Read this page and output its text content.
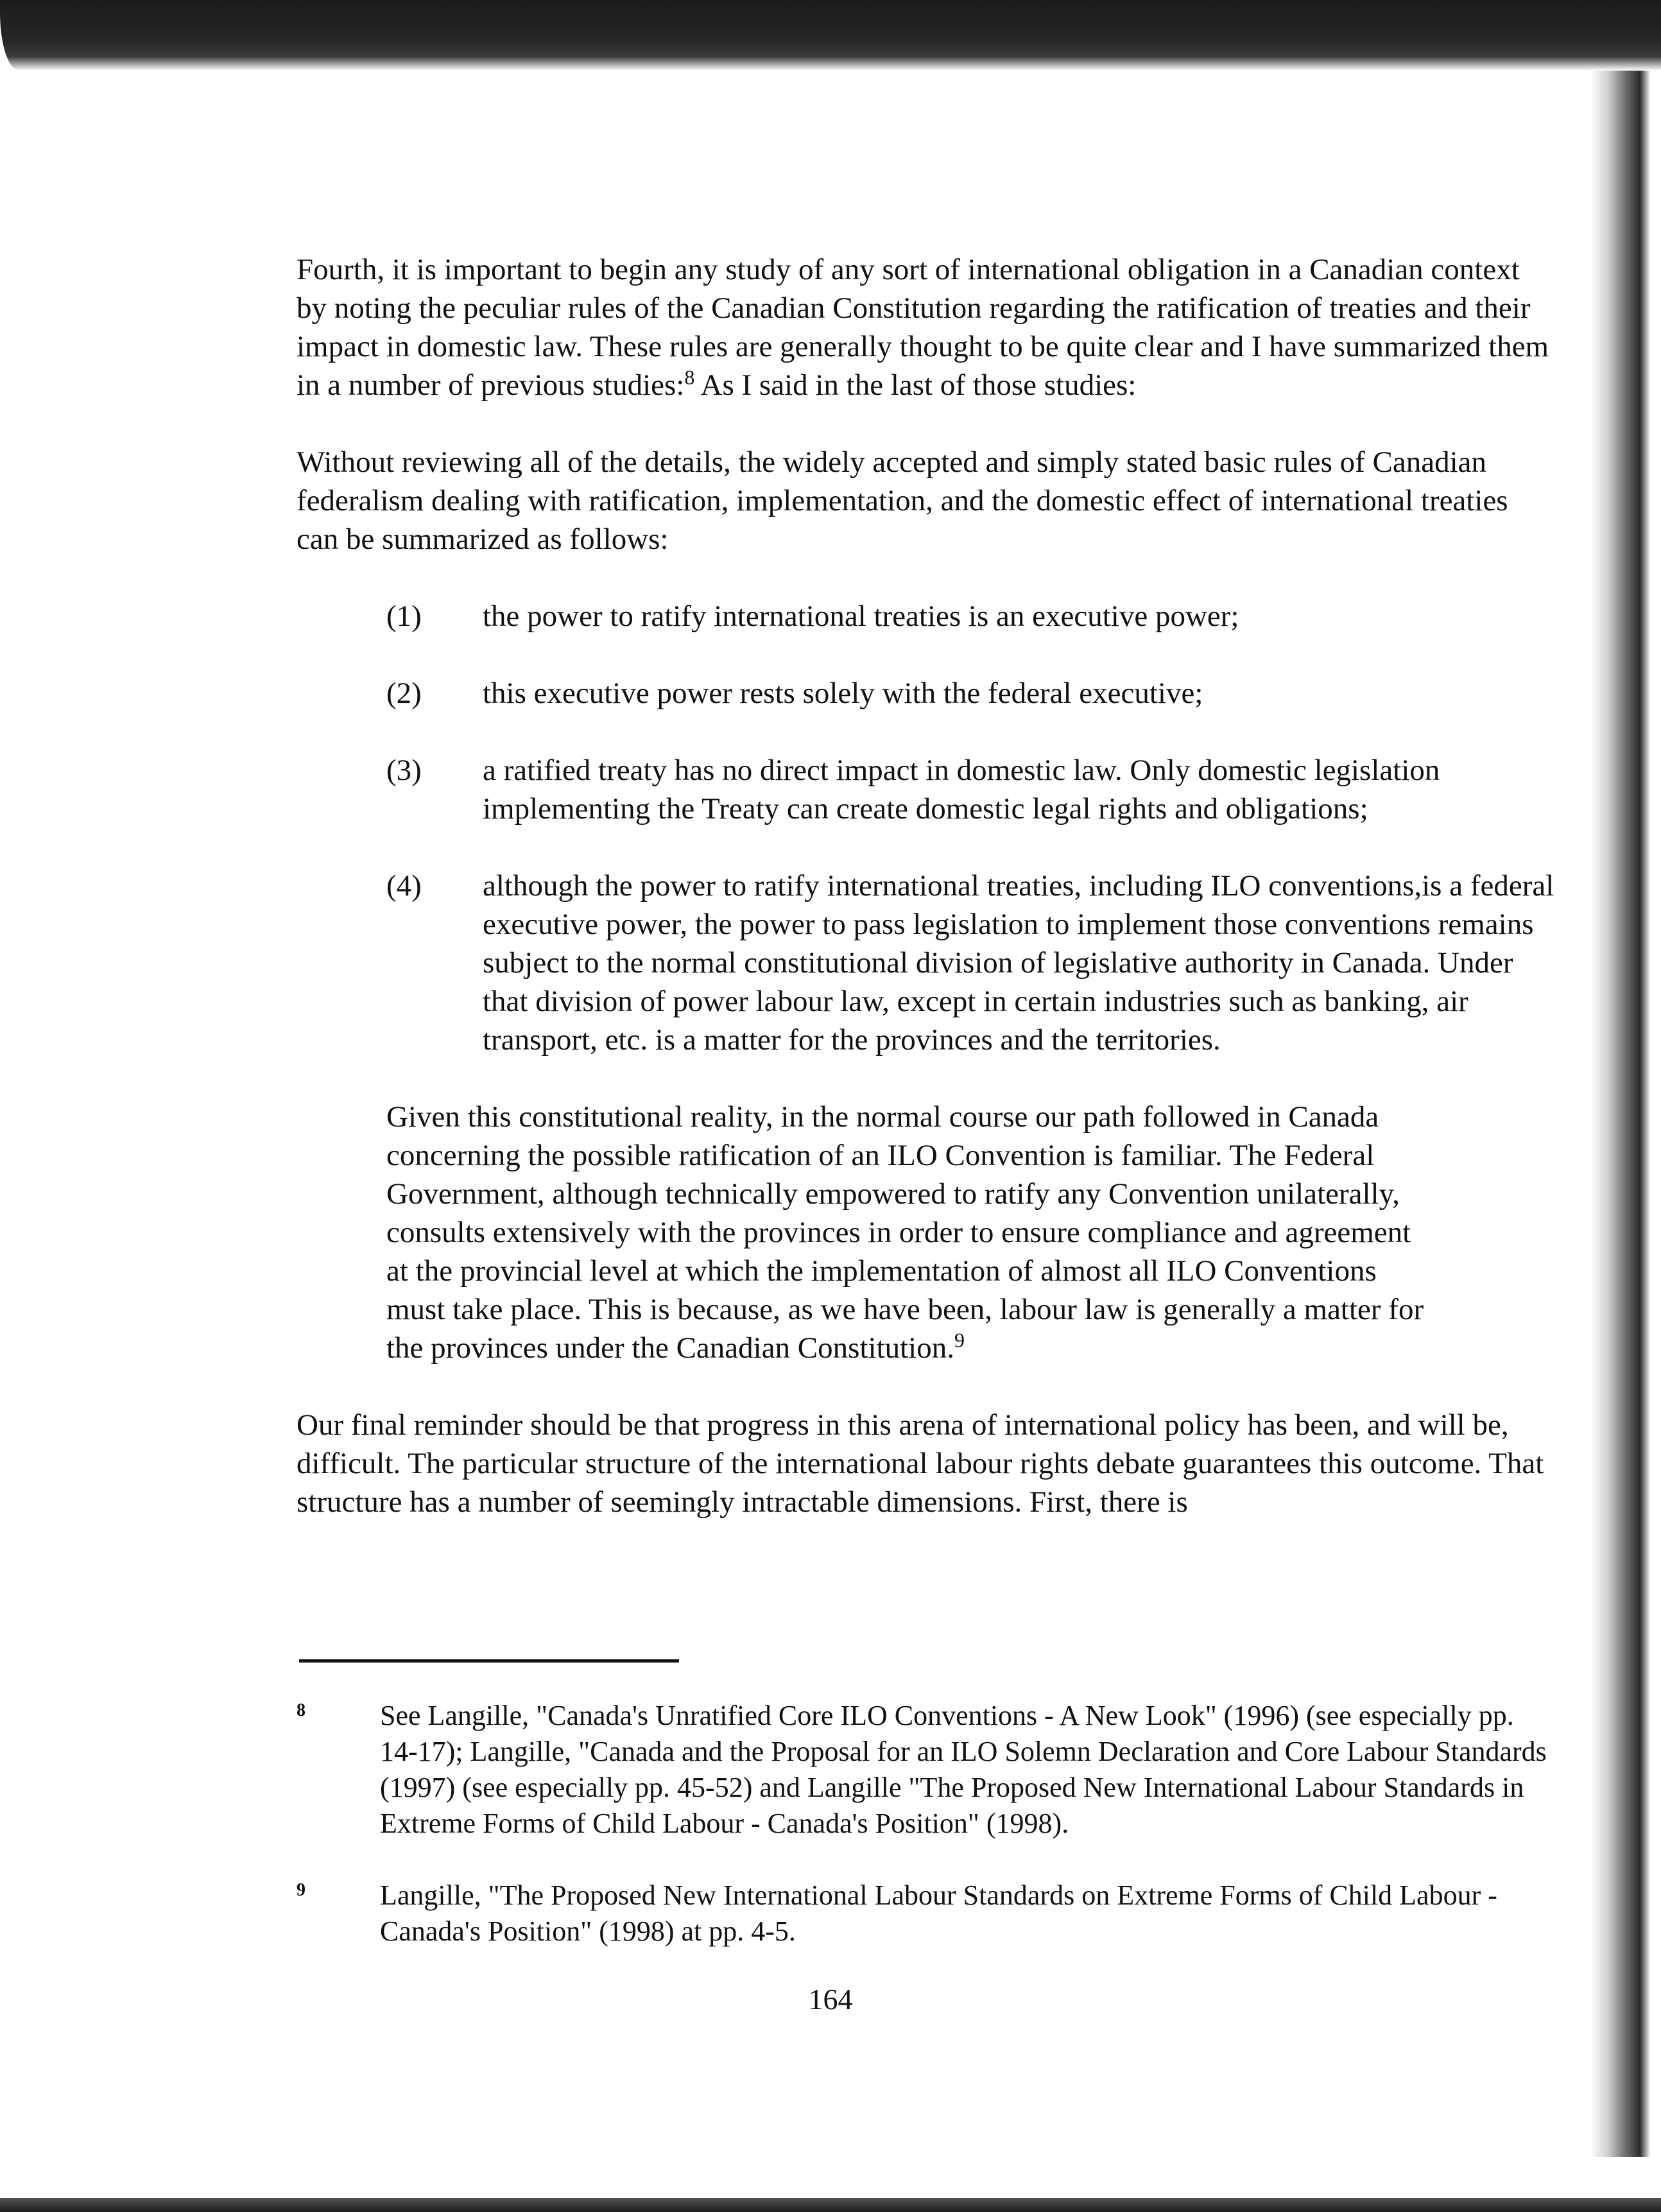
Fourth, it is important to begin any study of any sort of international obligation in a Canadian context by noting the peculiar rules of the Canadian Constitution regarding the ratification of treaties and their impact in domestic law. These rules are generally thought to be quite clear and I have summarized them in a number of previous studies:$^8$ As I said in the last of those studies:

Without reviewing all of the details, the widely accepted and simply stated basic rules of Canadian federalism dealing with ratification, implementation, and the domestic effect of international treaties can be summarized as follows:

(1)	the power to ratify international treaties is an executive power;
(2)	this executive power rests solely with the federal executive;
(3)	a ratified treaty has no direct impact in domestic law. Only domestic legislation implementing the Treaty can create domestic legal rights and obligations;
(4)	although the power to ratify international treaties, including ILO conventions,is a federal executive power, the power to pass legislation to implement those conventions remains subject to the normal constitutional division of legislative authority in Canada. Under that division of power labour law, except in certain industries such as banking, air transport, etc. is a matter for the provinces and the territories.

Given this constitutional reality, in the normal course our path followed in Canada concerning the possible ratification of an ILO Convention is familiar. The Federal Government, although technically empowered to ratify any Convention unilaterally, consults extensively with the provinces in order to ensure compliance and agreement at the provincial level at which the implementation of almost all ILO Conventions must take place. This is because, as we have been, labour law is generally a matter for the provinces under the Canadian Constitution.$^9$

Our final reminder should be that progress in this arena of international policy has been, and will be, difficult. The particular structure of the international labour rights debate guarantees this outcome. That structure has a number of seemingly intractable dimensions. First, there is

8	See Langille, "Canada's Unratified Core ILO Conventions - A New Look" (1996) (see especially pp. 14-17); Langille, "Canada and the Proposal for an ILO Solemn Declaration and Core Labour Standards (1997) (see especially pp. 45-52) and Langille "The Proposed New International Labour Standards in Extreme Forms of Child Labour - Canada's Position" (1998).
9	Langille, "The Proposed New International Labour Standards on Extreme Forms of Child Labour - Canada's Position" (1998) at pp. 4-5.
164
